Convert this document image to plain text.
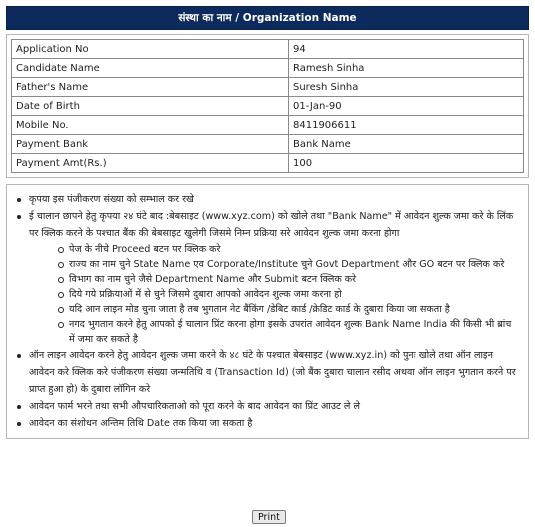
संस्था का नाम / Organization Name
Application No	94
Candidate Name	Ramesh Sinha
Father's Name	Suresh Sinha
Date of Birth	01-Jan-90
Mobile No.	8411906611
Payment Bank	Bank Name
Payment Amt(Rs.)	100
कृपया इस पंजीकरण संख्या को सम्भाल कर रखे
ई चालान छापने हेतु कृपया २४ घंटे बाद :बेबसाइट (www.xyz.com) को खोले तथा "Bank Name" में आवेदन शुल्क जमा करे के लिंक पर क्लिक करने के पश्चात बैंक की बेबसाइट खुलेगी जिसमे निम्न प्रक्रिया सरे आवेदन शुल्क जमा करना होगा
पेज के नीचे Proceed बटन पर क्लिक करे
राज्य का नाम चुने State Name एव Corporate/Institute चुने Govt Department और GO बटन पर क्लिक करे
विभाग का नाम चुने जैसे Department Name और Submit बटन क्लिक करे
दिये गये प्रक्रियाओं में से चुने जिसमे दुबारा आपको आवेदन शुल्क जमा करना हो
यदि आन लाइन मोड चुना जाता है तब भुगतान नेट बैंकिंग /डेबिट कार्ड /क्रेडिट कार्ड के दुबारा किया जा सकता है
नगद भुगतान करने हेतु आपको ई चालान प्रिंट करना होगा इसके उपरांत आवेदन शुल्क Bank Name India की किसी भी ब्रांच में जमा कर सकते है
ऑन लाइन आवेदन करने हेतु आवेदन शुल्क जमा करने के ४८ घंटे के पश्चात बेबसाइट (www.xyz.in) को पुनः खोले तथा ऑन लाइन आवेदन करे क्लिक करे पंजीकरण संख्या जन्मतिथि व (Transaction Id) (जो बैंक दुबारा चालान रसीद अथवा ऑन लाइन भुगतान करने पर प्राप्त हुआ हो) के दुबारा लॉगिन करे
आवेदन फार्म भरने तथा सभी औपचारिकताओ को पूरा करने के बाद आवेदन का प्रिंट आउट ले ले
आवेदन का संशोधन अन्तिम तिथि Date तक किया जा सकता है
Print
